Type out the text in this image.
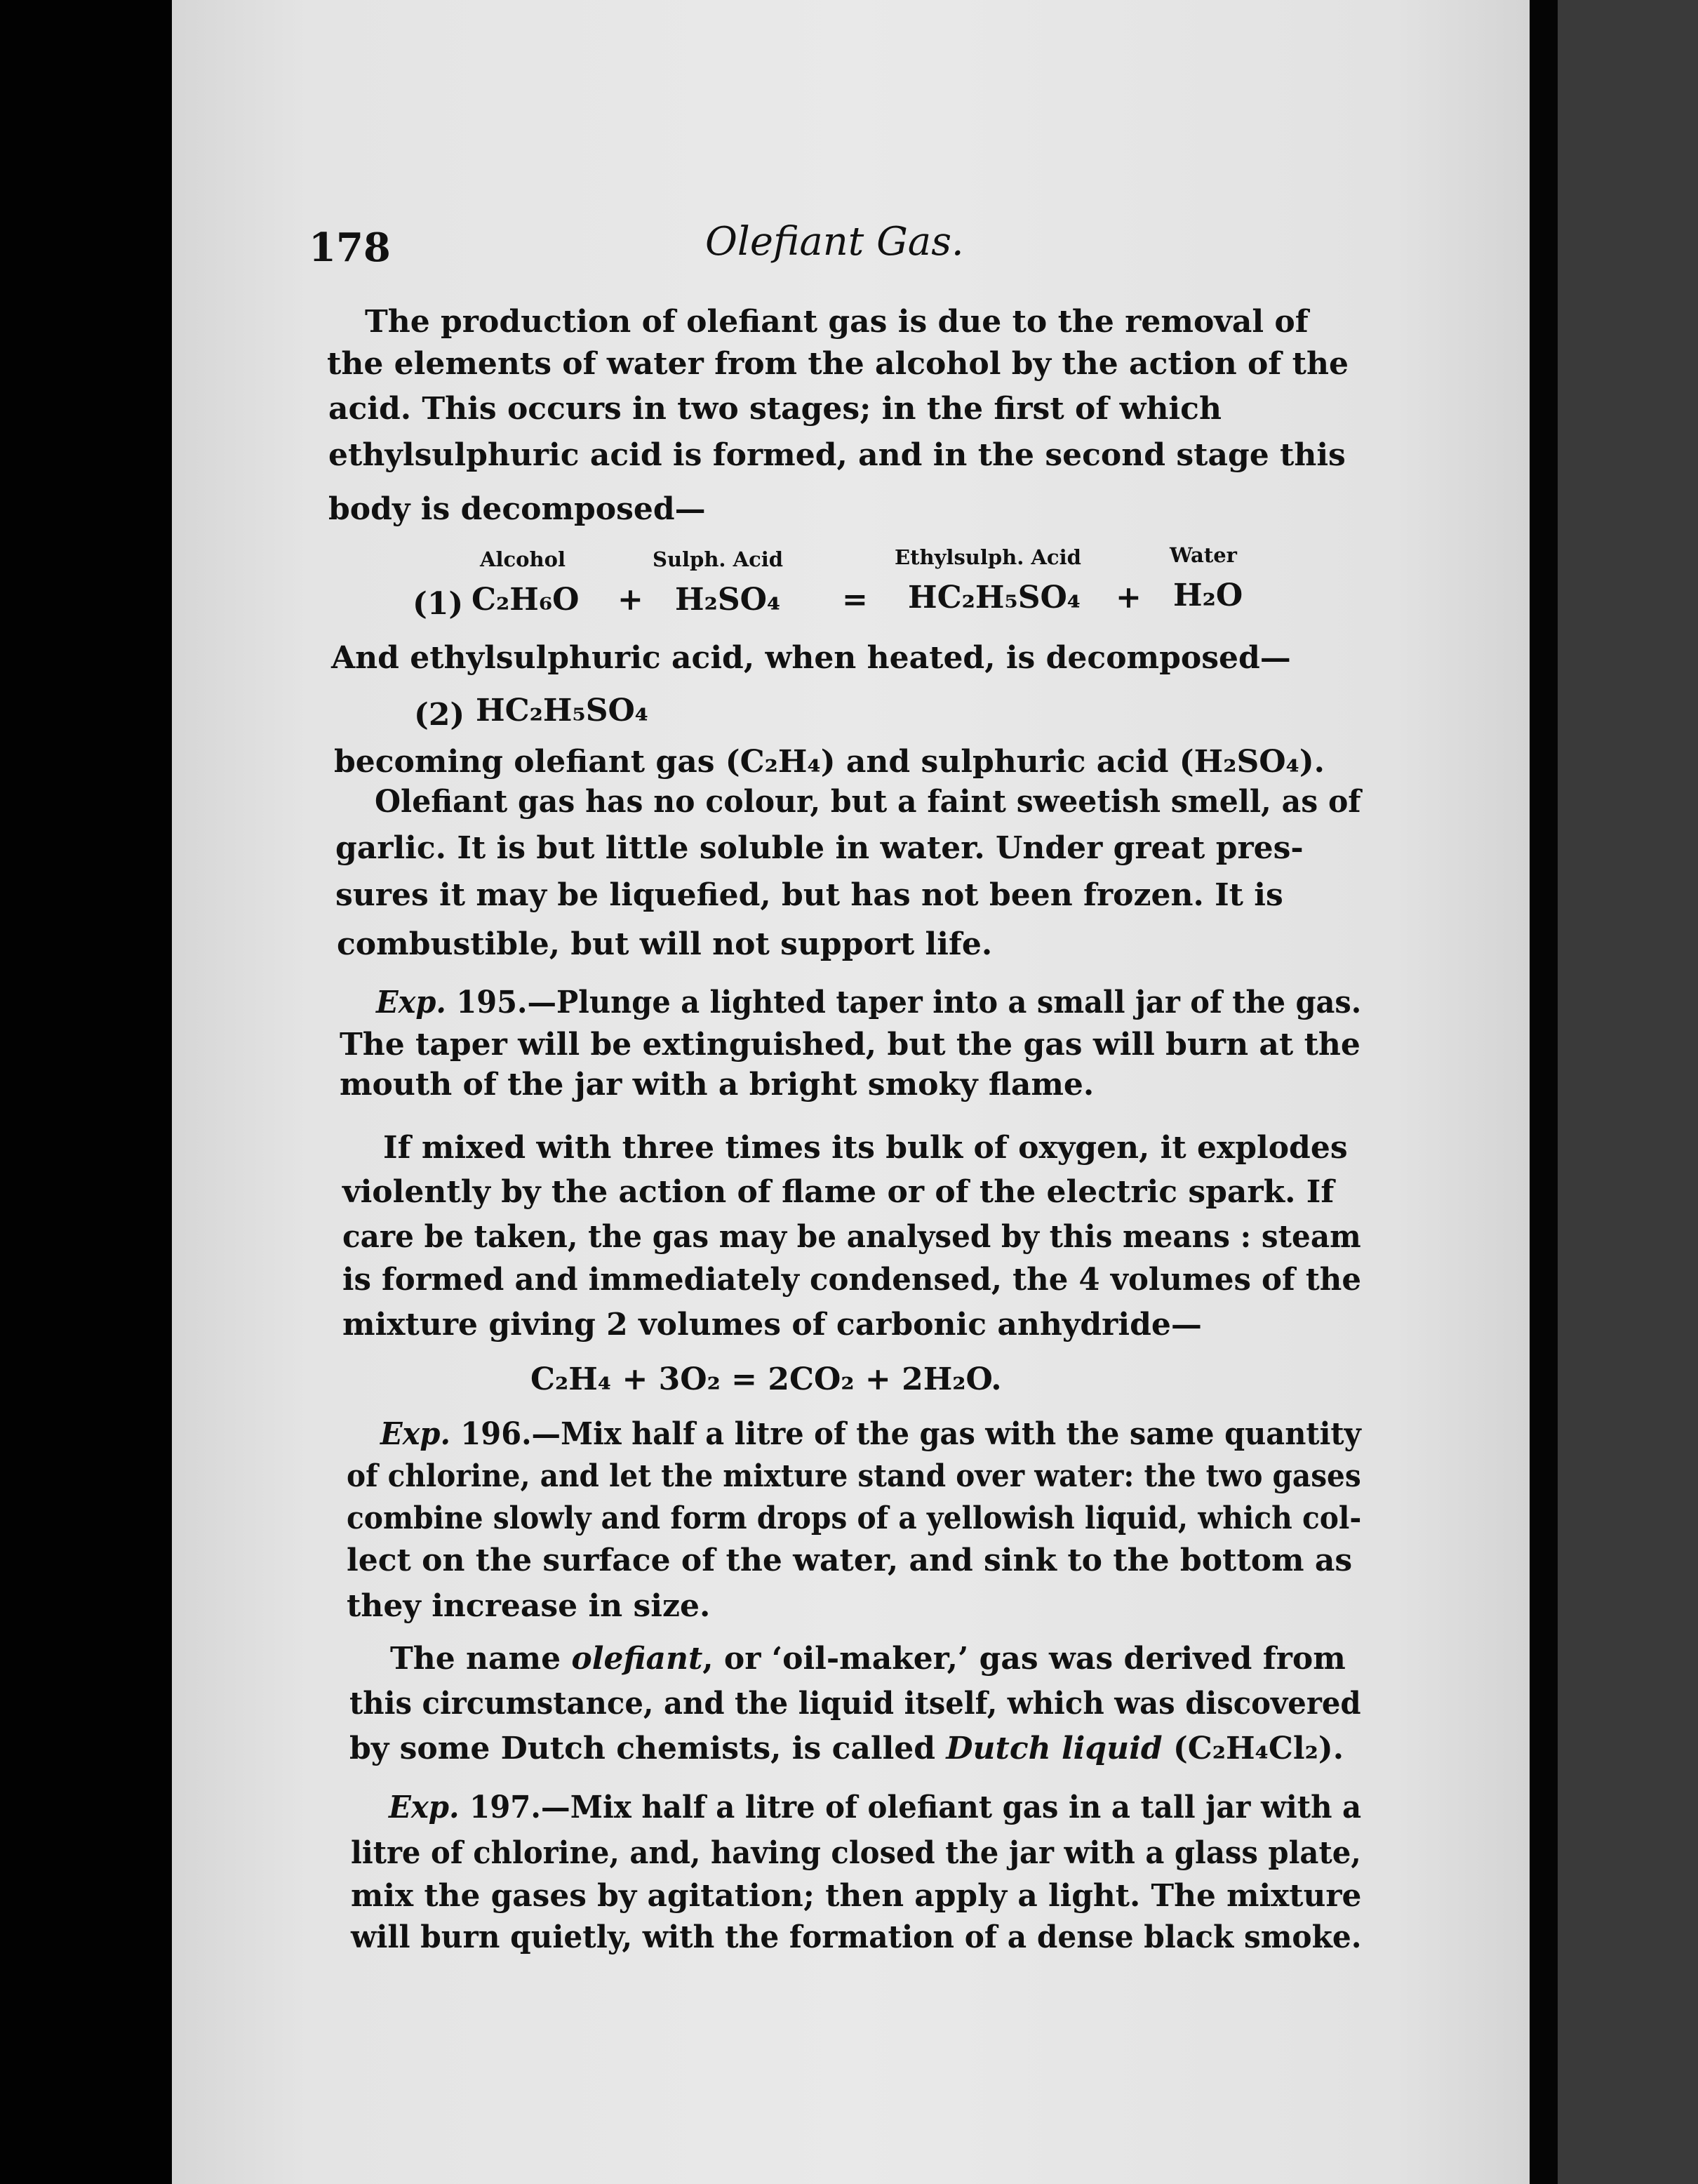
178	Olefiant Gas.
The production of olefiant gas is due to the removal of
the elements of water from the alcohol by the action of the
acid. This occurs in two stages; in the first of which
ethylsulphuric acid is formed, and in the second stage this
body is decomposed—
Alcohol	Sulph. Acid	Ethylsulph. Acid	Water
(1) C₂H₆O + H₂SO₄ = HC₂H₅SO₄ + H₂O
And ethylsulphuric acid, when heated, is decomposed—
(2) HC₂H₅SO₄
becoming olefiant gas (C₂H₄) and sulphuric acid (H₂SO₄).
Olefiant gas has no colour, but a faint sweetish smell, as of
garlic. It is but little soluble in water. Under great pres-
sures it may be liquefied, but has not been frozen. It is
combustible, but will not support life.
Exp. 195.—Plunge a lighted taper into a small jar of the gas.
The taper will be extinguished, but the gas will burn at the
mouth of the jar with a bright smoky flame.
If mixed with three times its bulk of oxygen, it explodes
violently by the action of flame or of the electric spark. If
care be taken, the gas may be analysed by this means : steam
is formed and immediately condensed, the 4 volumes of the
mixture giving 2 volumes of carbonic anhydride—
C₂H₄ + 3O₂ = 2CO₂ + 2H₂O.
Exp. 196.—Mix half a litre of the gas with the same quantity
of chlorine, and let the mixture stand over water: the two gases
combine slowly and form drops of a yellowish liquid, which col-
lect on the surface of the water, and sink to the bottom as
they increase in size.
The name olefiant, or ‘oil-maker,’ gas was derived from
this circumstance, and the liquid itself, which was discovered
by some Dutch chemists, is called Dutch liquid (C₂H₄Cl₂).
Exp. 197.—Mix half a litre of olefiant gas in a tall jar with a
litre of chlorine, and, having closed the jar with a glass plate,
mix the gases by agitation; then apply a light. The mixture
will burn quietly, with the formation of a dense black smoke.
